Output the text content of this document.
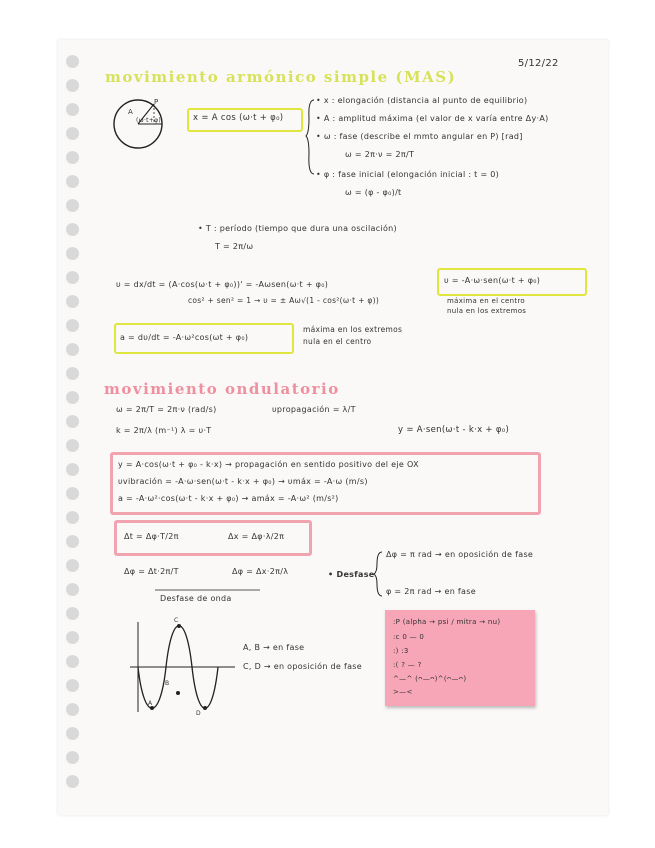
5/12/22
movimiento armónico simple (MAS)
P
A
(ω·t+φ)	x = A cos (ω·t + φ₀)
• x : elongación (distancia al punto de equilibrio)
• A : amplitud máxima (el valor de x varía entre Δy·A)
• ω : fase (describe el mmto angular en P) [rad]
ω = 2π·ν = 2π/T
• φ : fase inicial (elongación inicial : t = 0)
ω = (φ - φ₀)/t
• T : período (tiempo que dura una oscilación)
T = 2π/ω
υ = dx/dt = (A·cos(ω·t + φ₀))' = -Aωsen(ω·t + φ₀)
cos² + sen² = 1 → υ = ± Aω√(1 - cos²(ω·t + φ))
υ = -A·ω·sen(ω·t + φ₀)
máxima en el centro
nula en los extremos
a = dυ/dt = -A·ω²cos(ωt + φ₀)
máxima en los extremos
nula en el centro
movimiento ondulatorio
ω = 2π/T = 2π·ν (rad/s)	υpropagación = λ/T
k = 2π/λ (m⁻¹) λ = υ·T	y = A·sen(ω·t - k·x + φ₀)
y = A·cos(ω·t + φ₀ - k·x) → propagación en sentido positivo del eje OX
υvibración = -A·ω·sen(ω·t - k·x + φ₀) → υmáx = -A·ω (m/s)
a = -A·ω²·cos(ω·t - k·x + φ₀) → amáx = -A·ω² (m/s²)
Δt = Δφ·T/2π	Δx = Δφ·λ/2π
Δφ = Δt·2π/T	Δφ = Δx·2π/λ
Desfase de onda
• Desfase
Δφ = π rad → en oposición de fase
φ = 2π rad → en fase
C
A
B
D
A, B → en fase
C, D → en oposición de fase
:P (alpha → psi / mitra → nu)
:c 0 — 0
:) :3
:( ? — ?
^—^ (ᴖ—ᴖ)^(ᴖ—ᴖ)
>—<
